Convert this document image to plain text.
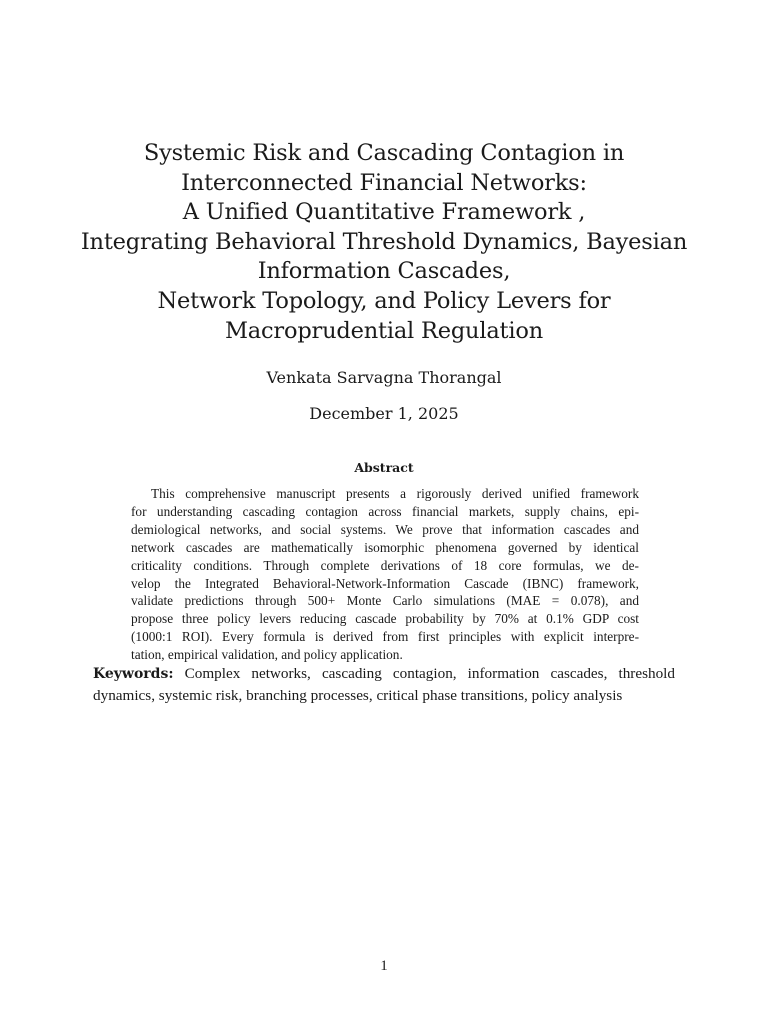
Systemic Risk and Cascading Contagion in
Interconnected Financial Networks:
A Unified Quantitative Framework ,
Integrating Behavioral Threshold Dynamics, Bayesian
Information Cascades,
Network Topology, and Policy Levers for
Macroprudential Regulation
Venkata Sarvagna Thorangal
December 1, 2025
Abstract
This comprehensive manuscript presents a rigorously derived unified framework
for understanding cascading contagion across financial markets, supply chains, epi-
demiological networks, and social systems. We prove that information cascades and
network cascades are mathematically isomorphic phenomena governed by identical
criticality conditions. Through complete derivations of 18 core formulas, we de-
velop the Integrated Behavioral-Network-Information Cascade (IBNC) framework,
validate predictions through 500+ Monte Carlo simulations (MAE = 0.078), and
propose three policy levers reducing cascade probability by 70% at 0.1% GDP cost
(1000:1 ROI). Every formula is derived from first principles with explicit interpre-
tation, empirical validation, and policy application.
Keywords: Complex networks, cascading contagion, information cascades, threshold
dynamics, systemic risk, branching processes, critical phase transitions, policy analysis
1
